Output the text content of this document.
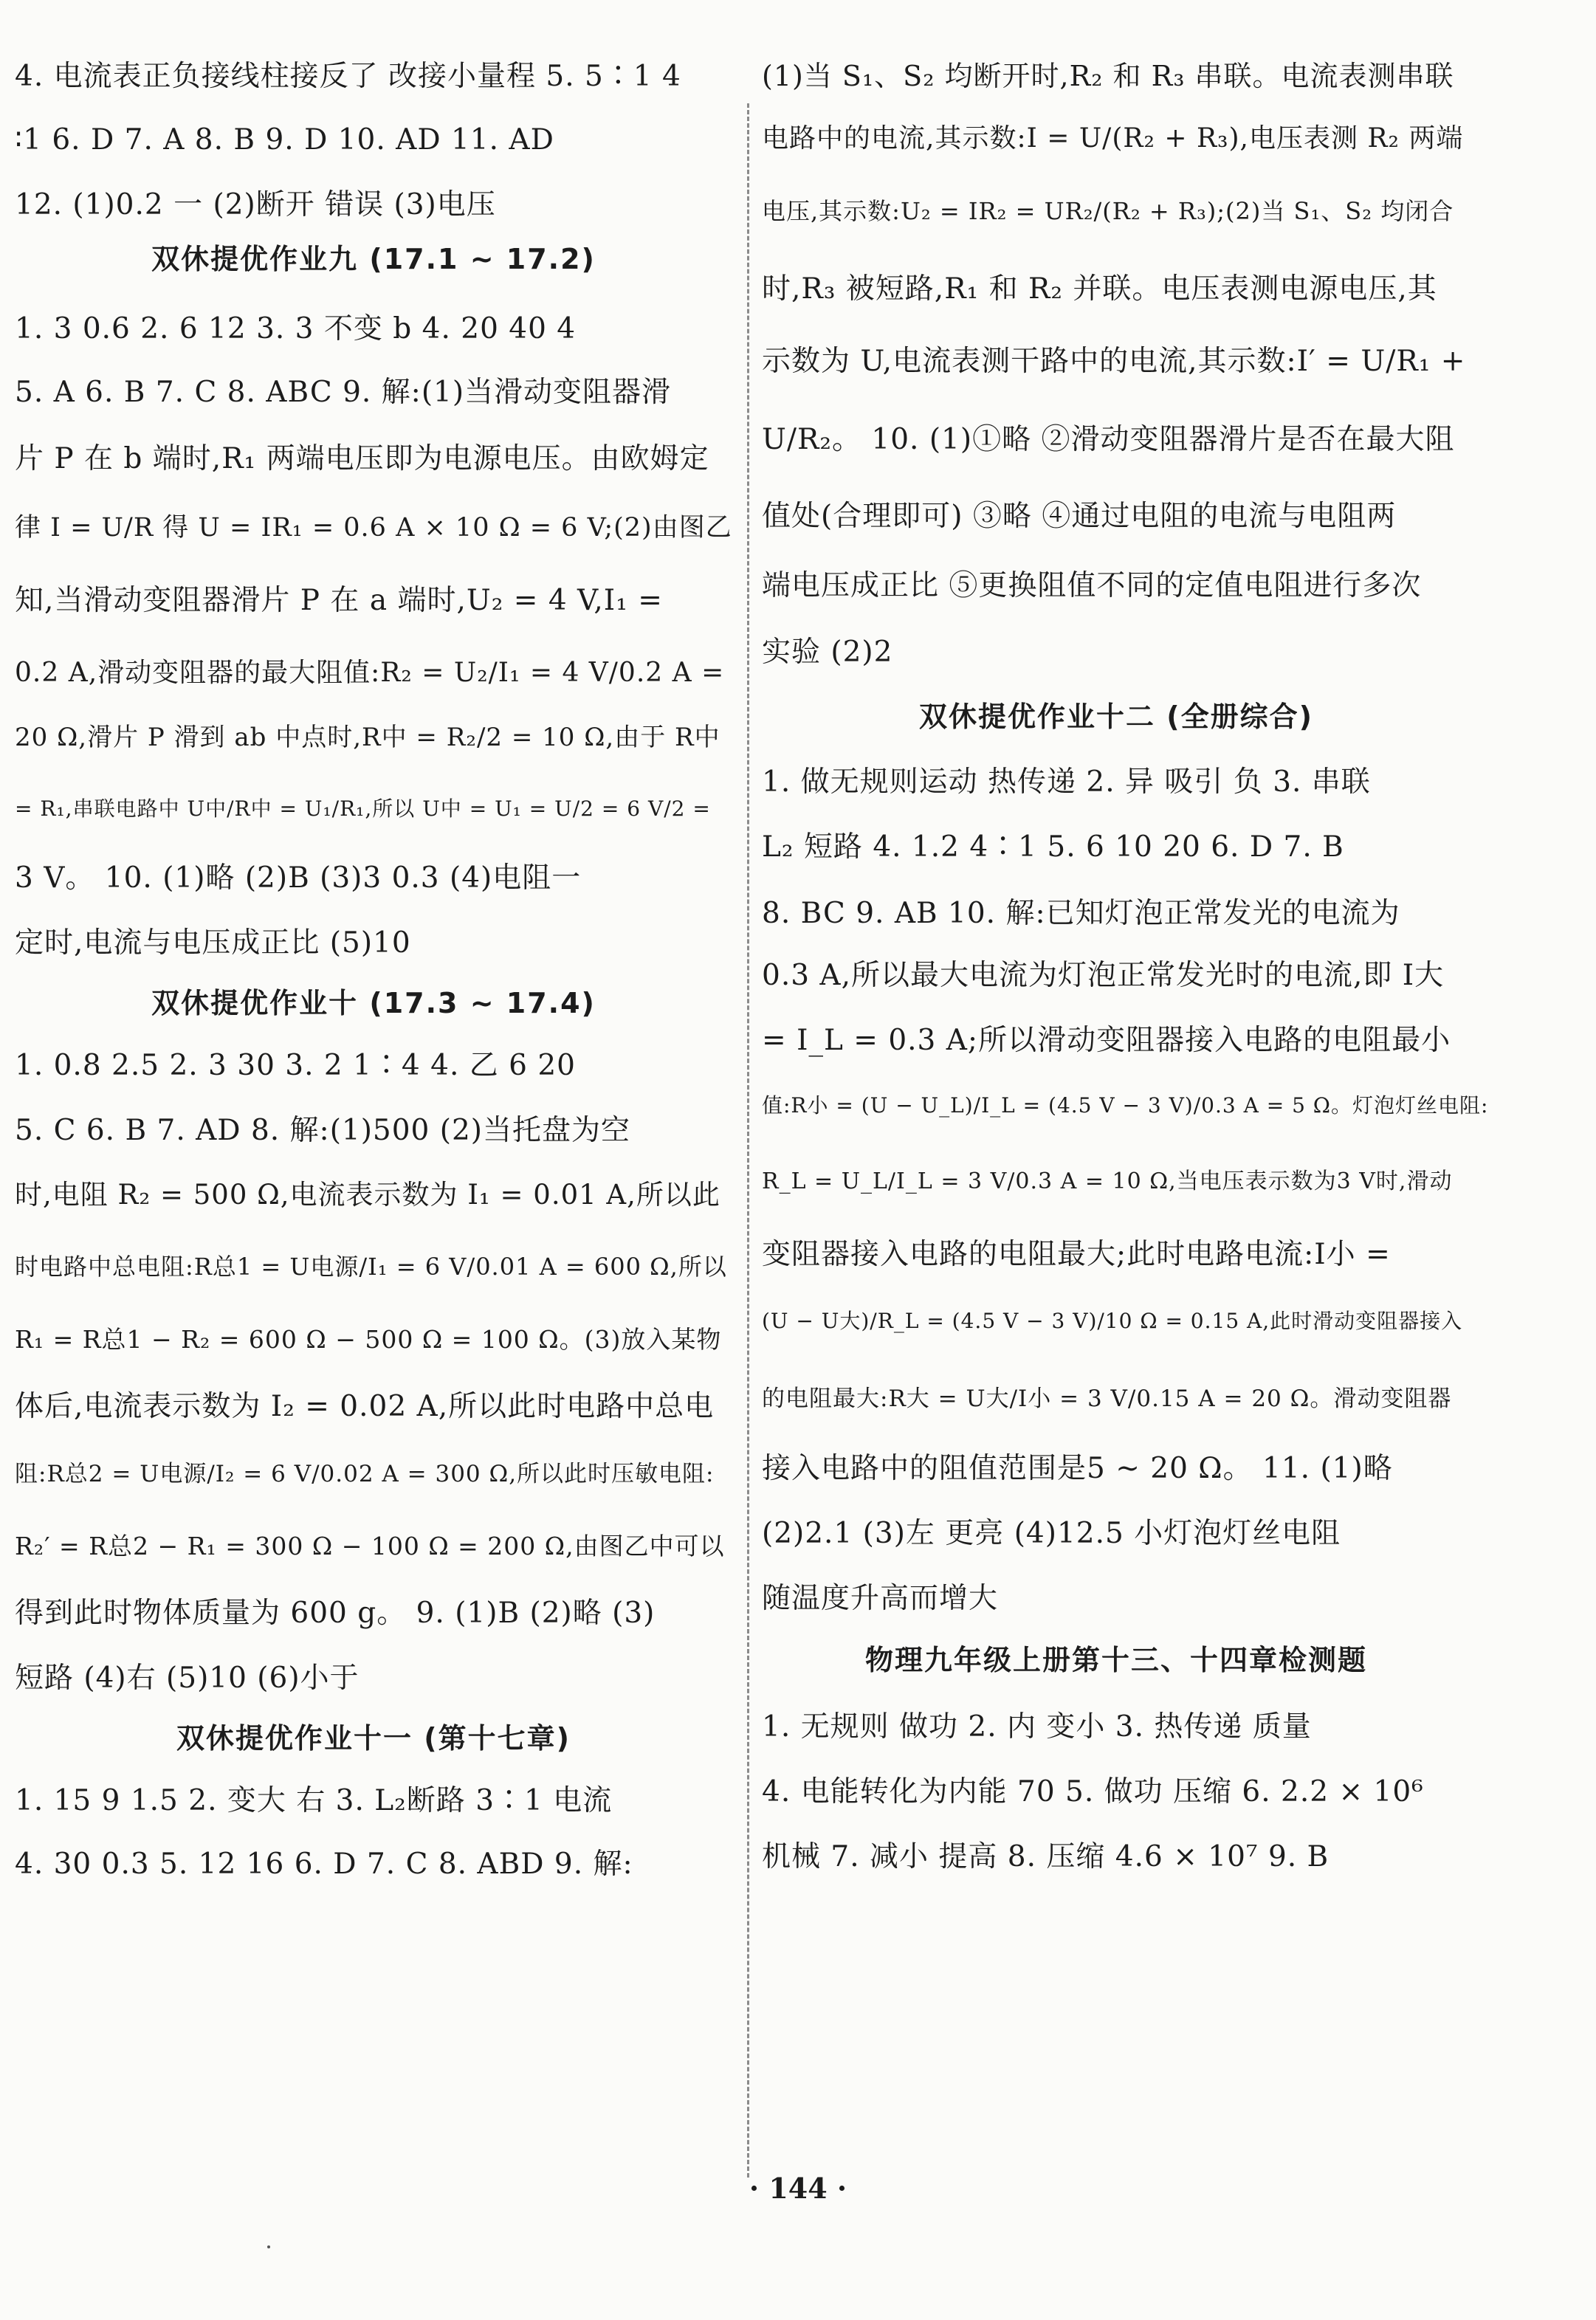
4. 电流表正负接线柱接反了 改接小量程 5. 5∶1 4
∶1 6. D 7. A 8. B 9. D 10. AD 11. AD
12. (1)0.2 一 (2)断开 错误 (3)电压
双休提优作业九 (17.1 ~ 17.2)
1. 3 0.6 2. 6 12 3. 3 不变 b 4. 20 40 4
5. A 6. B 7. C 8. ABC 9. 解:(1)当滑动变阻器滑
片 P 在 b 端时,R₁ 两端电压即为电源电压。由欧姆定
律 I = U/R 得 U = IR₁ = 0.6 A × 10 Ω = 6 V;(2)由图乙
知,当滑动变阻器滑片 P 在 a 端时,U₂ = 4 V,I₁ =
0.2 A,滑动变阻器的最大阻值:R₂ = U₂/I₁ = 4 V/0.2 A =
20 Ω,滑片 P 滑到 ab 中点时,R中 = R₂/2 = 10 Ω,由于 R中
= R₁,串联电路中 U中/R中 = U₁/R₁,所以 U中 = U₁ = U/2 = 6 V/2 =
3 V。 10. (1)略 (2)B (3)3 0.3 (4)电阻一
定时,电流与电压成正比 (5)10
双休提优作业十 (17.3 ~ 17.4)
1. 0.8 2.5 2. 3 30 3. 2 1∶4 4. 乙 6 20
5. C 6. B 7. AD 8. 解:(1)500 (2)当托盘为空
时,电阻 R₂ = 500 Ω,电流表示数为 I₁ = 0.01 A,所以此
时电路中总电阻:R总1 = U电源/I₁ = 6 V/0.01 A = 600 Ω,所以
R₁ = R总1 − R₂ = 600 Ω − 500 Ω = 100 Ω。(3)放入某物
体后,电流表示数为 I₂ = 0.02 A,所以此时电路中总电
阻:R总2 = U电源/I₂ = 6 V/0.02 A = 300 Ω,所以此时压敏电阻:
R₂′ = R总2 − R₁ = 300 Ω − 100 Ω = 200 Ω,由图乙中可以
得到此时物体质量为 600 g。 9. (1)B (2)略 (3)
短路 (4)右 (5)10 (6)小于
双休提优作业十一 (第十七章)
1. 15 9 1.5 2. 变大 右 3. L₂断路 3∶1 电流
4. 30 0.3 5. 12 16 6. D 7. C 8. ABD 9. 解:
(1)当 S₁、S₂ 均断开时,R₂ 和 R₃ 串联。电流表测串联
电路中的电流,其示数:I = U/(R₂ + R₃),电压表测 R₂ 两端
电压,其示数:U₂ = IR₂ = UR₂/(R₂ + R₃);(2)当 S₁、S₂ 均闭合
时,R₃ 被短路,R₁ 和 R₂ 并联。电压表测电源电压,其
示数为 U,电流表测干路中的电流,其示数:I′ = U/R₁ +
U/R₂。 10. (1)①略 ②滑动变阻器滑片是否在最大阻
值处(合理即可) ③略 ④通过电阻的电流与电阻两
端电压成正比 ⑤更换阻值不同的定值电阻进行多次
实验 (2)2
双休提优作业十二 (全册综合)
1. 做无规则运动 热传递 2. 异 吸引 负 3. 串联
L₂ 短路 4. 1.2 4∶1 5. 6 10 20 6. D 7. B
8. BC 9. AB 10. 解:已知灯泡正常发光的电流为
0.3 A,所以最大电流为灯泡正常发光时的电流,即 I大
= I_L = 0.3 A;所以滑动变阻器接入电路的电阻最小
值:R小 = (U − U_L)/I_L = (4.5 V − 3 V)/0.3 A = 5 Ω。灯泡灯丝电阻:
R_L = U_L/I_L = 3 V/0.3 A = 10 Ω,当电压表示数为3 V时,滑动
变阻器接入电路的电阻最大;此时电路电流:I小 =
(U − U大)/R_L = (4.5 V − 3 V)/10 Ω = 0.15 A,此时滑动变阻器接入
的电阻最大:R大 = U大/I小 = 3 V/0.15 A = 20 Ω。滑动变阻器
接入电路中的阻值范围是5 ~ 20 Ω。 11. (1)略
(2)2.1 (3)左 更亮 (4)12.5 小灯泡灯丝电阻
随温度升高而增大
物理九年级上册第十三、十四章检测题
1. 无规则 做功 2. 内 变小 3. 热传递 质量
4. 电能转化为内能 70 5. 做功 压缩 6. 2.2 × 10⁶
机械 7. 减小 提高 8. 压缩 4.6 × 10⁷ 9. B
· 144 ·
